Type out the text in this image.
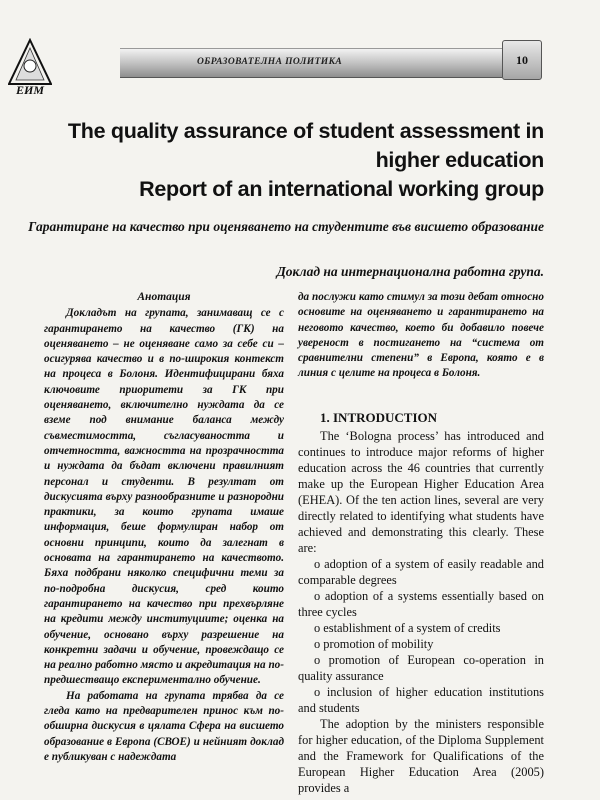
ЕИМ
ОБРАЗОВАТЕЛНА ПОЛИТИКА	10
The quality assurance of student assessment in
higher education
Report of an international working group
Гарантиране на качество при оценяването на студентите във висшето образование
Доклад на интернационална работна група.
Анотация

Докладът на групата, занимаващ се с гарантирането на качество (ГК) на оценяването – не оценяване само за себе си – осигурява качество и в по-широкия контекст на процеса в Болоня. Идентифицирани бяха ключовите приоритети за ГК при оценяването, включително нуждата да се вземе под внимание баланса между съвместимостта, съгласуваността и отчетността, важността на прозрачността и нуждата да бъдат включени правилният персонал и студенти. В резултат от дискусията върху разнообразните и разнородни практики, за които групата имаше информация, беше формулиран набор от основни принципи, които да залегнат в основата на гарантирането на качеството. Бяха подбрани няколко специфични теми за по-подробна дискусия, сред които гарантирането на качество при прехвърляне на кредити между институциите; оценка на обучение, основано върху разрешение на конкретни задачи и обучение, провеждащо се на реално работно място и акредитация на по-предшестващо експериментално обучение.

На работата на групата трябва да се гледа като на предварителен принос към по-обширна дискусия в цялата Сфера на висшето образование в Европа (СВОЕ) и нейният доклад е публикуван с надеждата

да послужи като стимул за този дебат относно основите на оценяването и гарантирането на неговото качество, което би добавило повече увереност в постигането на “система от сравнителни степени” в Европа, която е в линия с целите на процеса в Болоня.

1. INTRODUCTION

The ‘Bologna process’ has introduced and continues to introduce major reforms of higher education across the 46 countries that currently make up the European Higher Education Area (EHEA). Of the ten action lines, several are very directly related to identifying what students have achieved and demonstrating this clearly. These are:

o adoption of a system of easily readable and comparable degrees

o adoption of a systems essentially based on three cycles

o establishment of a system of credits

o promotion of mobility

o promotion of European co-operation in quality assurance

o inclusion of higher education institutions and students

The adoption by the ministers responsible for higher education, of the Diploma Supplement and the Framework for Qualifications of the European Higher Education Area (2005) provides a
